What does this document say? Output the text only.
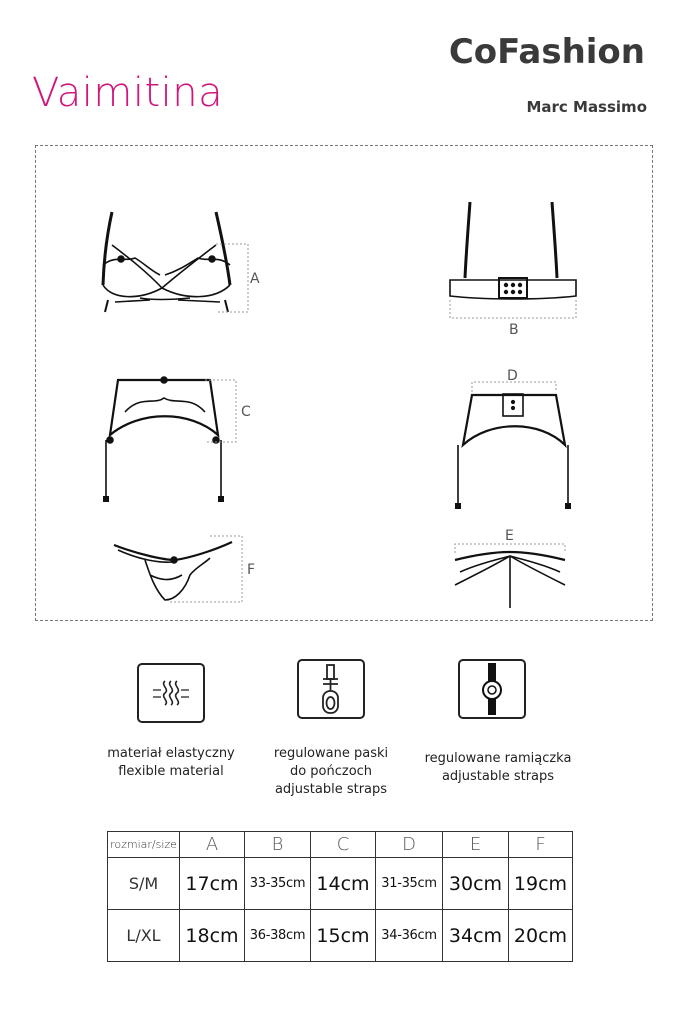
Vaimitina
CoFashion
Marc Massimo
A
B
C
D
E
F
materiał elastyczny
flexible material
regulowane paski
do pończoch
adjustable straps
regulowane ramiączka
adjustable straps
rozmiar/size	A	B	C	D	E	F
S/M	17cm	33-35cm	14cm	31-35cm	30cm	19cm
L/XL	18cm	36-38cm	15cm	34-36cm	34cm	20cm
